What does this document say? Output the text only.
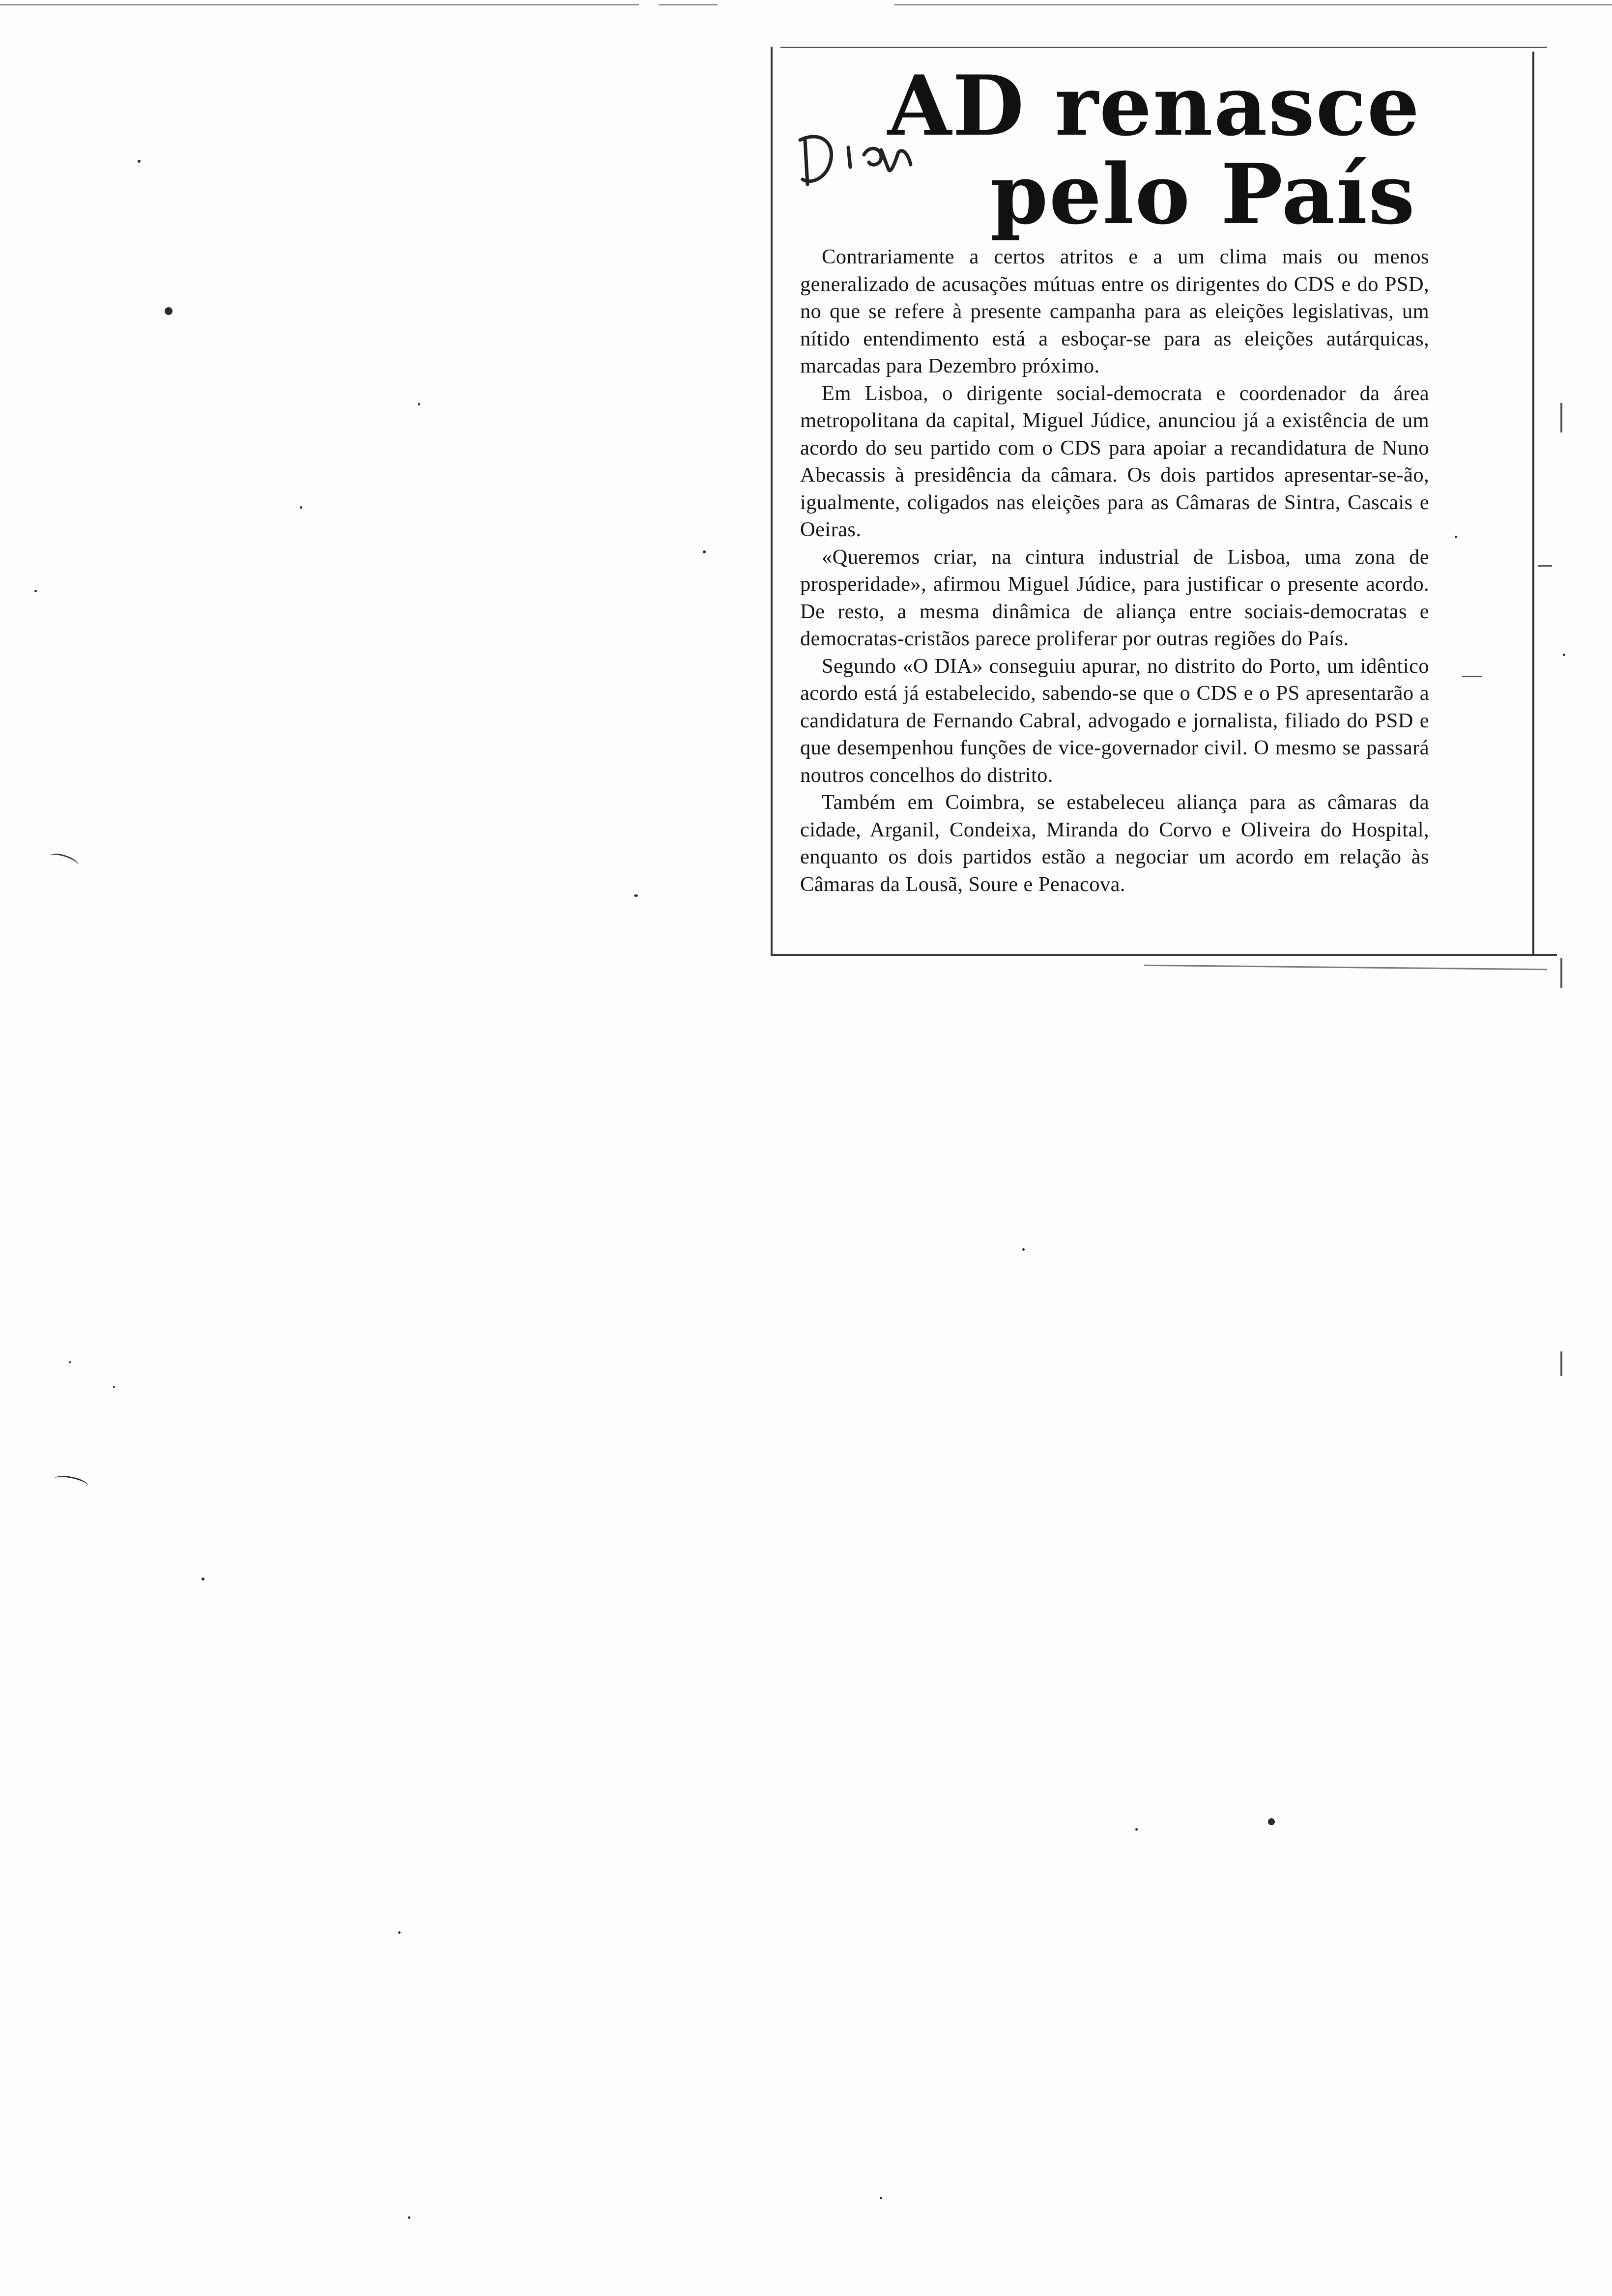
AD renasce
pelo País

Contrariamente a certos atritos e a um clima mais ou menos generalizado de acusações mútuas entre os dirigentes do CDS e do PSD, no que se refere à presente campanha para as eleições legislativas, um nítido entendimento está a esboçar-se para as eleições autárquicas, marcadas para Dezembro próximo.

Em Lisboa, o dirigente social-democrata e coordenador da área metropolitana da capital, Miguel Júdice, anunciou já a existência de um acordo do seu partido com o CDS para apoiar a recandidatura de Nuno Abecassis à presidência da câmara. Os dois partidos apresentar-se-ão, igualmente, coligados nas eleições para as Câmaras de Sintra, Cascais e Oeiras.

«Queremos criar, na cintura industrial de Lisboa, uma zona de prosperidade», afirmou Miguel Júdice, para justificar o presente acordo. De resto, a mesma dinâmica de aliança entre sociais-democratas e democratas-cristãos parece proliferar por outras regiões do País.

Segundo «O DIA» conseguiu apurar, no distrito do Porto, um idêntico acordo está já estabelecido, sabendo-se que o CDS e o PS apresentarão a candidatura de Fernando Cabral, advogado e jornalista, filiado do PSD e que desempenhou funções de vice-governador civil. O mesmo se passará noutros concelhos do distrito.

Também em Coimbra, se estabeleceu aliança para as câmaras da cidade, Arganil, Condeixa, Miranda do Corvo e Oliveira do Hospital, enquanto os dois partidos estão a negociar um acordo em relação às Câmaras da Lousã, Soure e Penacova.
